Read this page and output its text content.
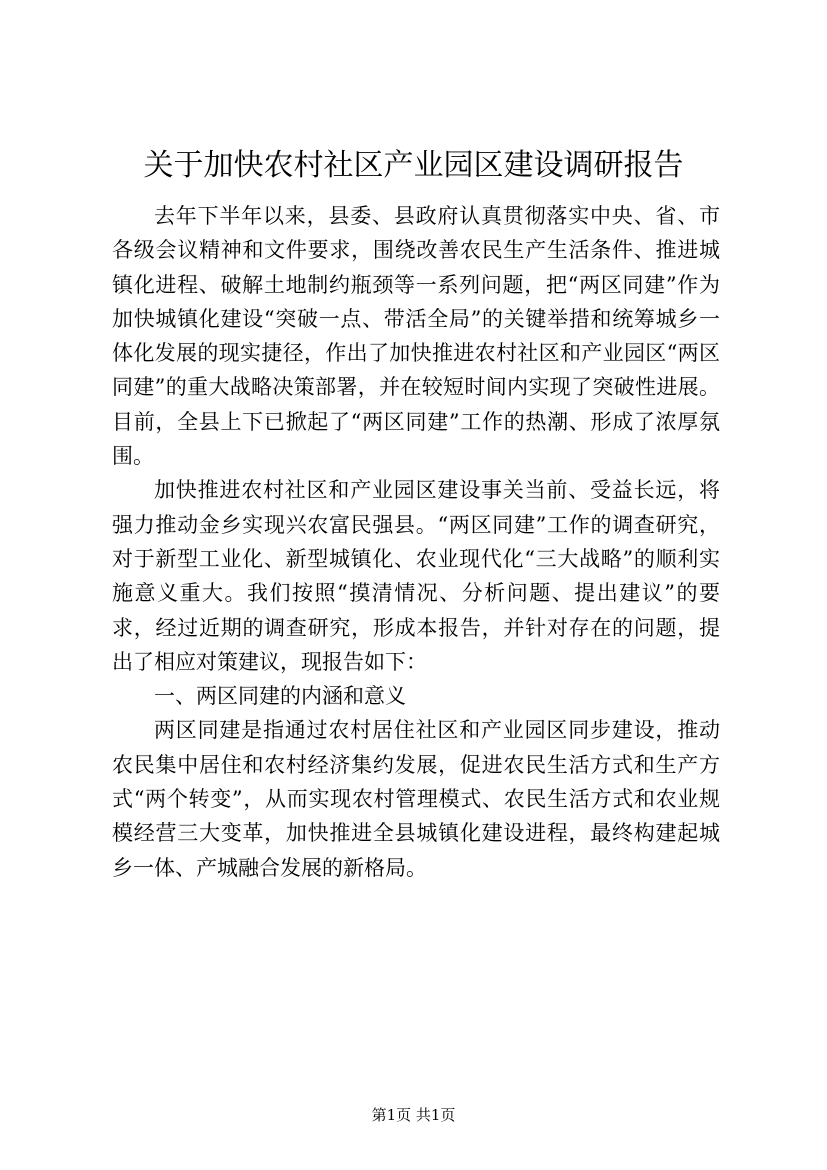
关于加快农村社区产业园区建设调研报告

去年下半年以来，县委、县政府认真贯彻落实中央、省、市各级会议精神和文件要求，围绕改善农民生产生活条件、推进城镇化进程、破解土地制约瓶颈等一系列问题，把“两区同建”作为加快城镇化建设“突破一点、带活全局”的关键举措和统筹城乡一体化发展的现实捷径，作出了加快推进农村社区和产业园区“两区同建”的重大战略决策部署，并在较短时间内实现了突破性进展。目前，全县上下已掀起了“两区同建”工作的热潮、形成了浓厚氛围。

加快推进农村社区和产业园区建设事关当前、受益长远，将强力推动金乡实现兴农富民强县。“两区同建”工作的调查研究，对于新型工业化、新型城镇化、农业现代化“三大战略”的顺利实施意义重大。我们按照“摸清情况、分析问题、提出建议”的要求，经过近期的调查研究，形成本报告，并针对存在的问题，提出了相应对策建议，现报告如下：

一、两区同建的内涵和意义

两区同建是指通过农村居住社区和产业园区同步建设，推动农民集中居住和农村经济集约发展，促进农民生活方式和生产方式“两个转变”，从而实现农村管理模式、农民生活方式和农业规模经营三大变革，加快推进全县城镇化建设进程，最终构建起城乡一体、产城融合发展的新格局。

第1页 共1页
